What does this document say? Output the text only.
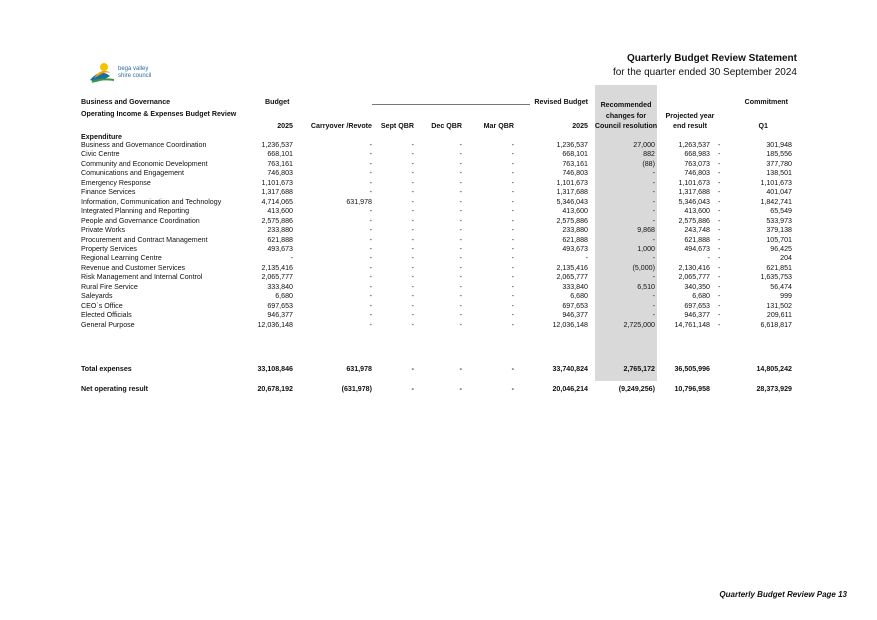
bega valley
shire council
Quarterly Budget Review Statement
for the quarter ended 30 September 2024
Business and Governance
Operating Income & Expenses Budget Review
Budget	Revised Budget	Recommended
changes for
Council resolution
Projected year
end result
Commitment
2025	Carryover /Revote	Sept QBR	Dec QBR	Mar QBR	2025	Q1
Expenditure
Business and Governance Coordination	1,236,537	-	-	-	-	1,236,537	27,000	1,263,537	301,948
-
Civic Centre	668,101	-	-	-	-	668,101	882	668,983	185,556
-
Community and Economic Development	763,161	-	-	-	-	763,161	(88)	763,073	377,780
-
Comunications and Engagement	746,803	-	-	-	-	746,803	-	746,803	138,501
-
Emergency Response	1,101,673	-	-	-	-	1,101,673	-	1,101,673	1,101,673
-
Finance Services	1,317,688	-	-	-	-	1,317,688	-	1,317,688	401,047
-
Information, Communication and Technology	4,714,065	631,978	-	-	-	5,346,043	-	5,346,043	1,842,741
-
Integrated Planning and Reporting	413,600	-	-	-	-	413,600	-	413,600	65,549
-
People and Governance Coordination	2,575,886	-	-	-	-	2,575,886	-	2,575,886	533,973
-
Private Works	233,880	-	-	-	-	233,880	9,868	243,748	379,138
-
Procurement and Contract Management	621,888	-	-	-	-	621,888	-	621,888	105,701
-
Property Services	493,673	-	-	-	-	493,673	1,000	494,673	96,425
-
Regional Learning Centre	-	-	-	-	-	-	-	-	204
-
Revenue and Customer Services	2,135,416	-	-	-	-	2,135,416	(5,000)	2,130,416	621,851
-
Risk Management and Internal Control	2,065,777	-	-	-	-	2,065,777	-	2,065,777	1,635,753
-
Rural Fire Service	333,840	-	-	-	-	333,840	6,510	340,350	56,474
-
Saleyards	6,680	-	-	-	-	6,680	-	6,680	999
-
CEO`s Office	697,653	-	-	-	-	697,653	-	697,653	131,502
-
Elected Officials	946,377	-	-	-	-	946,377	-	946,377	209,611
-
General Purpose	12,036,148	-	-	-	-	12,036,148	2,725,000	14,761,148	6,618,817
-
Total expenses	33,108,846	631,978	-	-	-	33,740,824	2,765,172	36,505,996	14,805,242
Net operating result	20,678,192	(631,978)	-	-	-	20,046,214	(9,249,256)	10,796,958	28,373,929
Quarterly Budget Review Page 13
